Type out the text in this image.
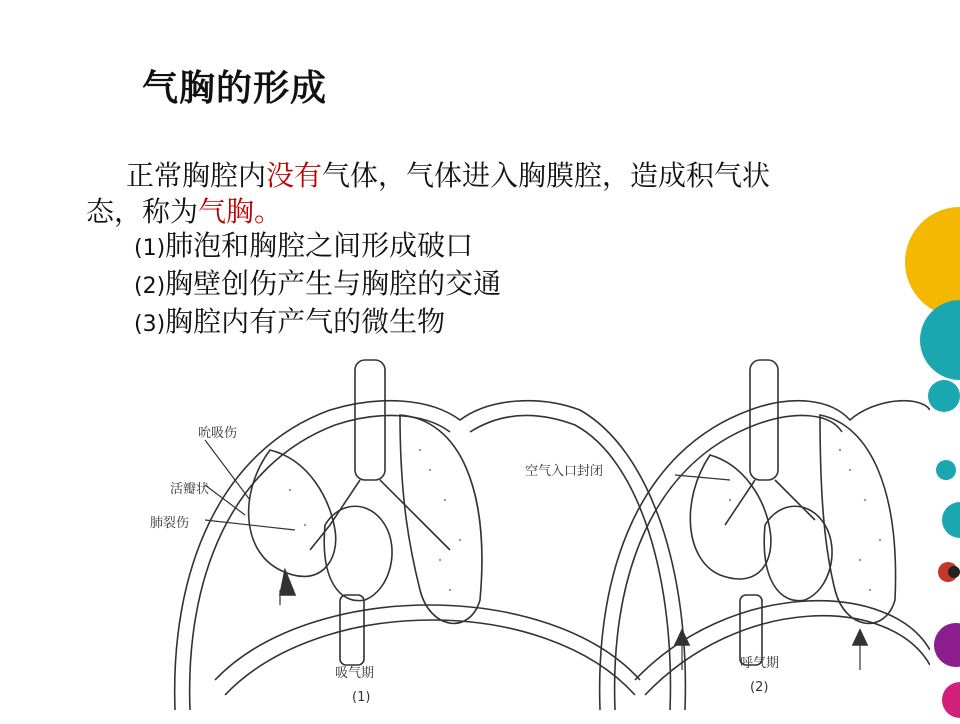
气胸的形成
正常胸腔内没有气体，气体进入胸膜腔，造成积气状
态，称为气胸。
(1)肺泡和胸腔之间形成破口
(2)胸壁创伤产生与胸腔的交通
(3)胸腔内有产气的微生物
吮吸伤
活瓣状
肺裂伤
吸气期
(1)
空气入口封闭
呼气期
(2)
